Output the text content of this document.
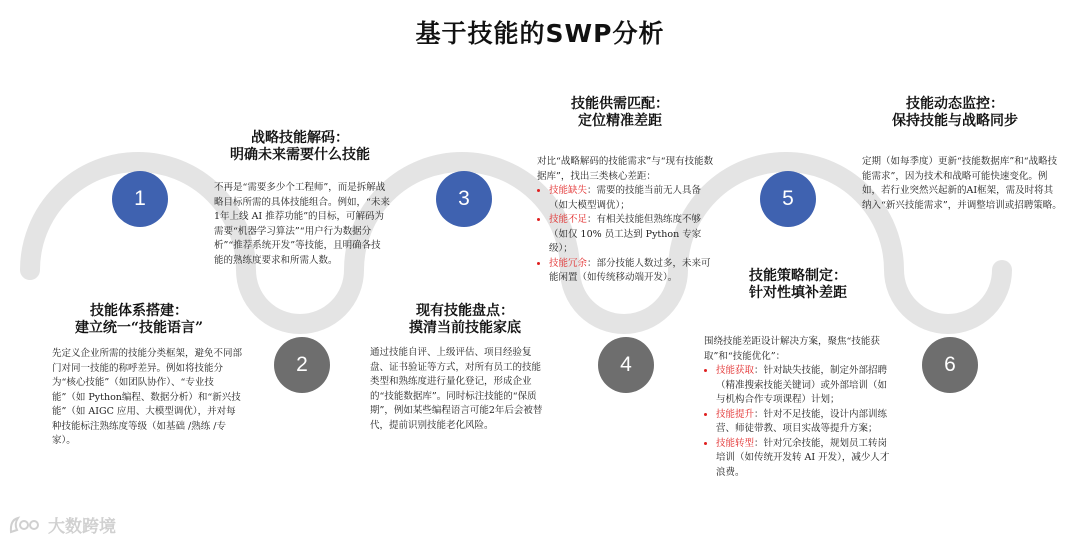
基于技能的SWP分析
1
2
3
4
5
6
战略技能解码：
明确未来需要什么技能
不再是“需要多少个工程师”，而是拆解战略目标所需的具体技能组合。例如，“未来1年上线 AI 推荐功能”的目标，可解码为需要“机器学习算法”“用户行为数据分析”“推荐系统开发”等技能，且明确各技能的熟练度要求和所需人数。
技能体系搭建：
建立统一“技能语言”
先定义企业所需的技能分类框架，避免不同部门对同一技能的称呼差异。例如将技能分为“核心技能”（如团队协作）、“专业技能”（如 Python编程、数据分析）和“新兴技能”（如 AIGC 应用、大模型调优），并对每种技能标注熟练度等级（如基础 /熟练 /专家）。
技能供需匹配：
定位精准差距
对比“战略解码的技能需求”与“现有技能数据库”，找出三类核心差距：
• 技能缺失：需要的技能当前无人具备（如大模型调优）；
• 技能不足：有相关技能但熟练度不够（如仅 10% 员工达到 Python 专家级）；
• 技能冗余：部分技能人数过多，未来可能闲置（如传统移动端开发）。
现有技能盘点：
摸清当前技能家底
通过技能自评、上级评估、项目经验复盘、证书验证等方式，对所有员工的技能类型和熟练度进行量化登记，形成企业的“技能数据库”。同时标注技能的“保质期”，例如某些编程语言可能2年后会被替代，提前识别技能老化风险。
技能动态监控：
保持技能与战略同步
定期（如每季度）更新“技能数据库”和“战略技能需求”，因为技术和战略可能快速变化。例如，若行业突然兴起新的AI框架，需及时将其纳入“新兴技能需求”，并调整培训或招聘策略。
技能策略制定：
针对性填补差距
围绕技能差距设计解决方案，聚焦“技能获取”和“技能优化”：
• 技能获取：针对缺失技能，制定外部招聘（精准搜索技能关键词）或外部培训（如与机构合作专项课程）计划；
• 技能提升：针对不足技能，设计内部训练营、师徒带教、项目实战等提升方案；
• 技能转型：针对冗余技能，规划员工转岗培训（如传统开发转 AI 开发），减少人才浪费。
大数跨境
